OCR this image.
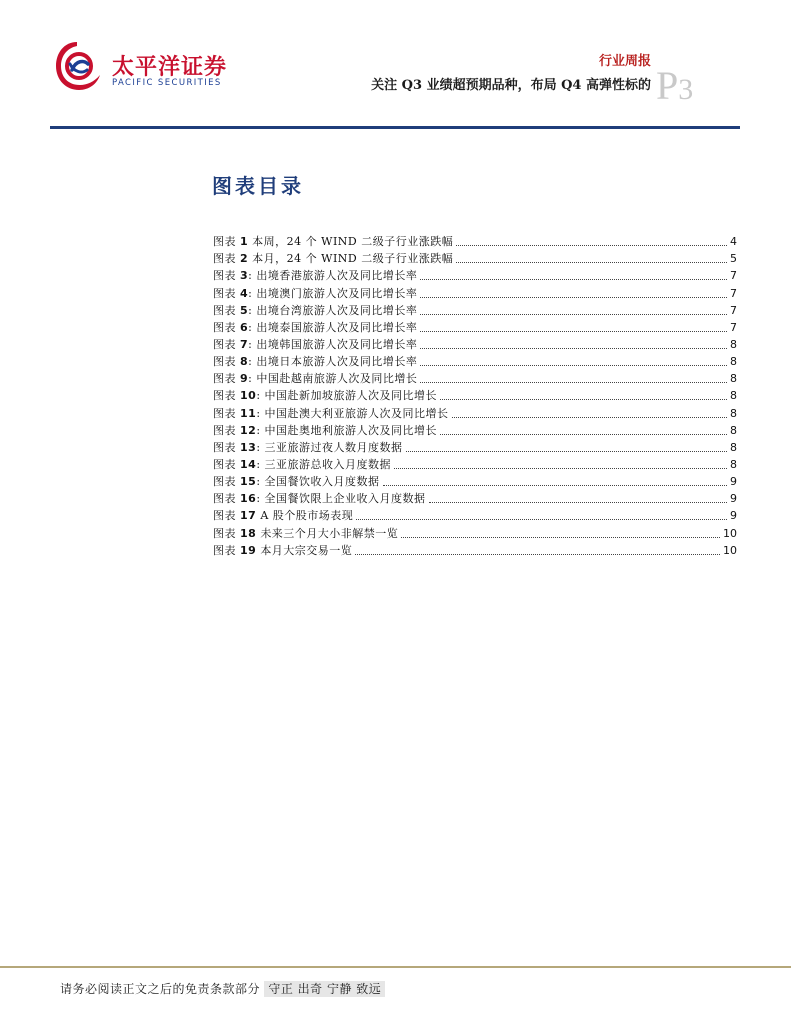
太平洋证券
PACIFIC SECURITIES
行业周报
关注 Q3 业绩超预期品种，布局 Q4 高弹性标的 P3
图表目录
图表 1 本周，24 个 WIND 二级子行业涨跌幅	4
图表 2 本月，24 个 WIND 二级子行业涨跌幅	5
图表 3: 出境香港旅游人次及同比增长率	7
图表 4: 出境澳门旅游人次及同比增长率	7
图表 5: 出境台湾旅游人次及同比增长率	7
图表 6: 出境泰国旅游人次及同比增长率	7
图表 7: 出境韩国旅游人次及同比增长率	8
图表 8: 出境日本旅游人次及同比增长率	8
图表 9: 中国赴越南旅游人次及同比增长	8
图表 10: 中国赴新加坡旅游人次及同比增长	8
图表 11: 中国赴澳大利亚旅游人次及同比增长	8
图表 12: 中国赴奥地利旅游人次及同比增长	8
图表 13: 三亚旅游过夜人数月度数据	8
图表 14: 三亚旅游总收入月度数据	8
图表 15: 全国餐饮收入月度数据	9
图表 16: 全国餐饮限上企业收入月度数据	9
图表 17 A 股个股市场表现	9
图表 18 未来三个月大小非解禁一览	10
图表 19 本月大宗交易一览	10
请务必阅读正文之后的免责条款部分 守正 出奇 宁静 致远
